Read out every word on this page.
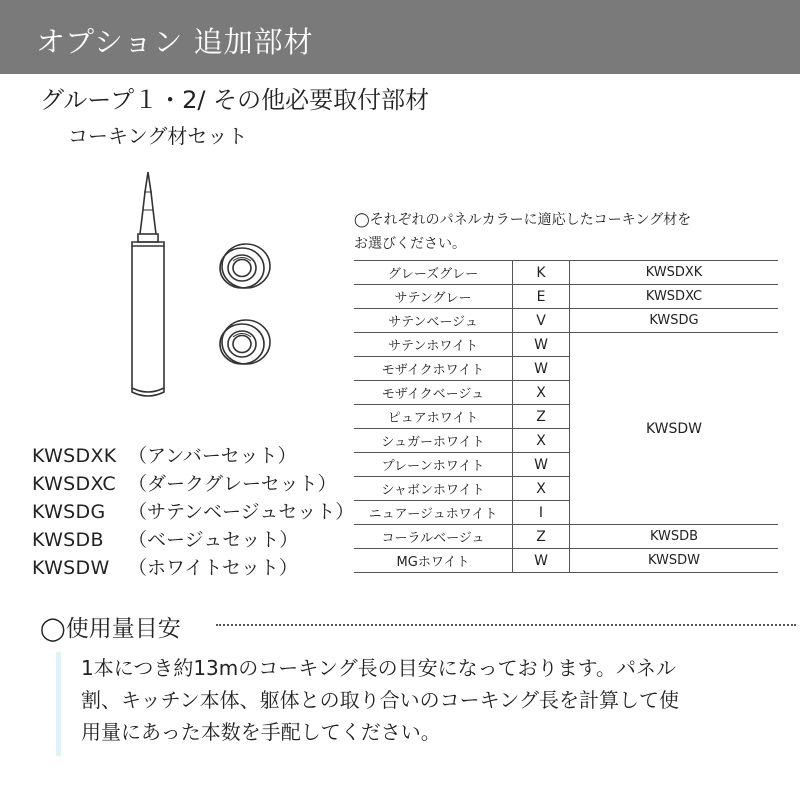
オプション 追加部材
グループ１・2/ その他必要取付部材
コーキング材セット
KWSDXK （アンバーセット）
KWSDXC （ダークグレーセット）
KWSDG （サテンベージュセット）
KWSDB （ベージュセット）
KWSDW （ホワイトセット）
◯それぞれのパネルカラーに適応したコーキング材を
お選びください。
グレーズグレー	K	KWSDXK
サテングレー	E	KWSDXC
サテンベージュ	V	KWSDG
サテンホワイト	W	KWSDW
モザイクホワイト	W	
モザイクベージュ	X	
ピュアホワイト	Z	
シュガーホワイト	X	
プレーンホワイト	W	
シャボンホワイト	X	
ニュアージュホワイト	I	
コーラルベージュ	Z	KWSDB
MGホワイト	W	KWSDW
◯使用量目安
1本につき約13mのコーキング長の目安になっております。パネル
割、キッチン本体、躯体との取り合いのコーキング長を計算して使
用量にあった本数を手配してください。
